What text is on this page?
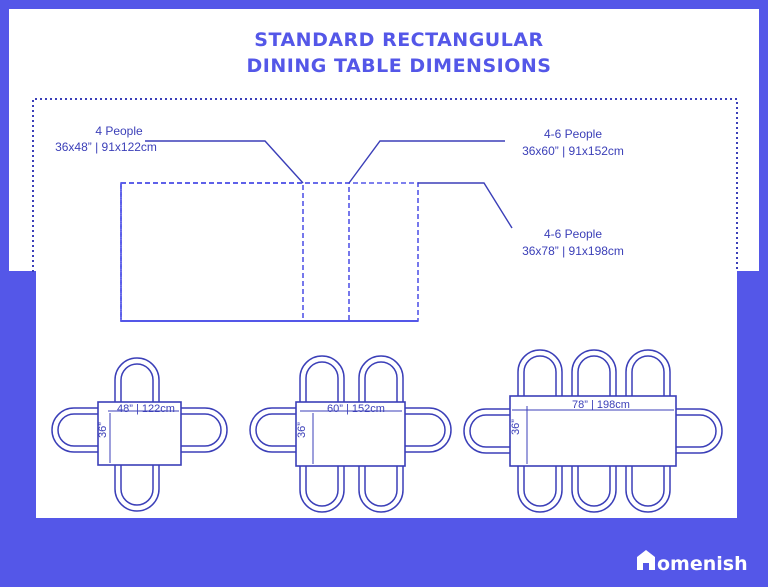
STANDARD RECTANGULAR
DINING TABLE DIMENSIONS
4 People
36x48” | 91x122cm
4-6 People
36x60” | 91x152cm
4-6 People
36x78” | 91x198cm
48” | 122cm
36”
60” | 152cm
36”
78” | 198cm
36”
omenish
